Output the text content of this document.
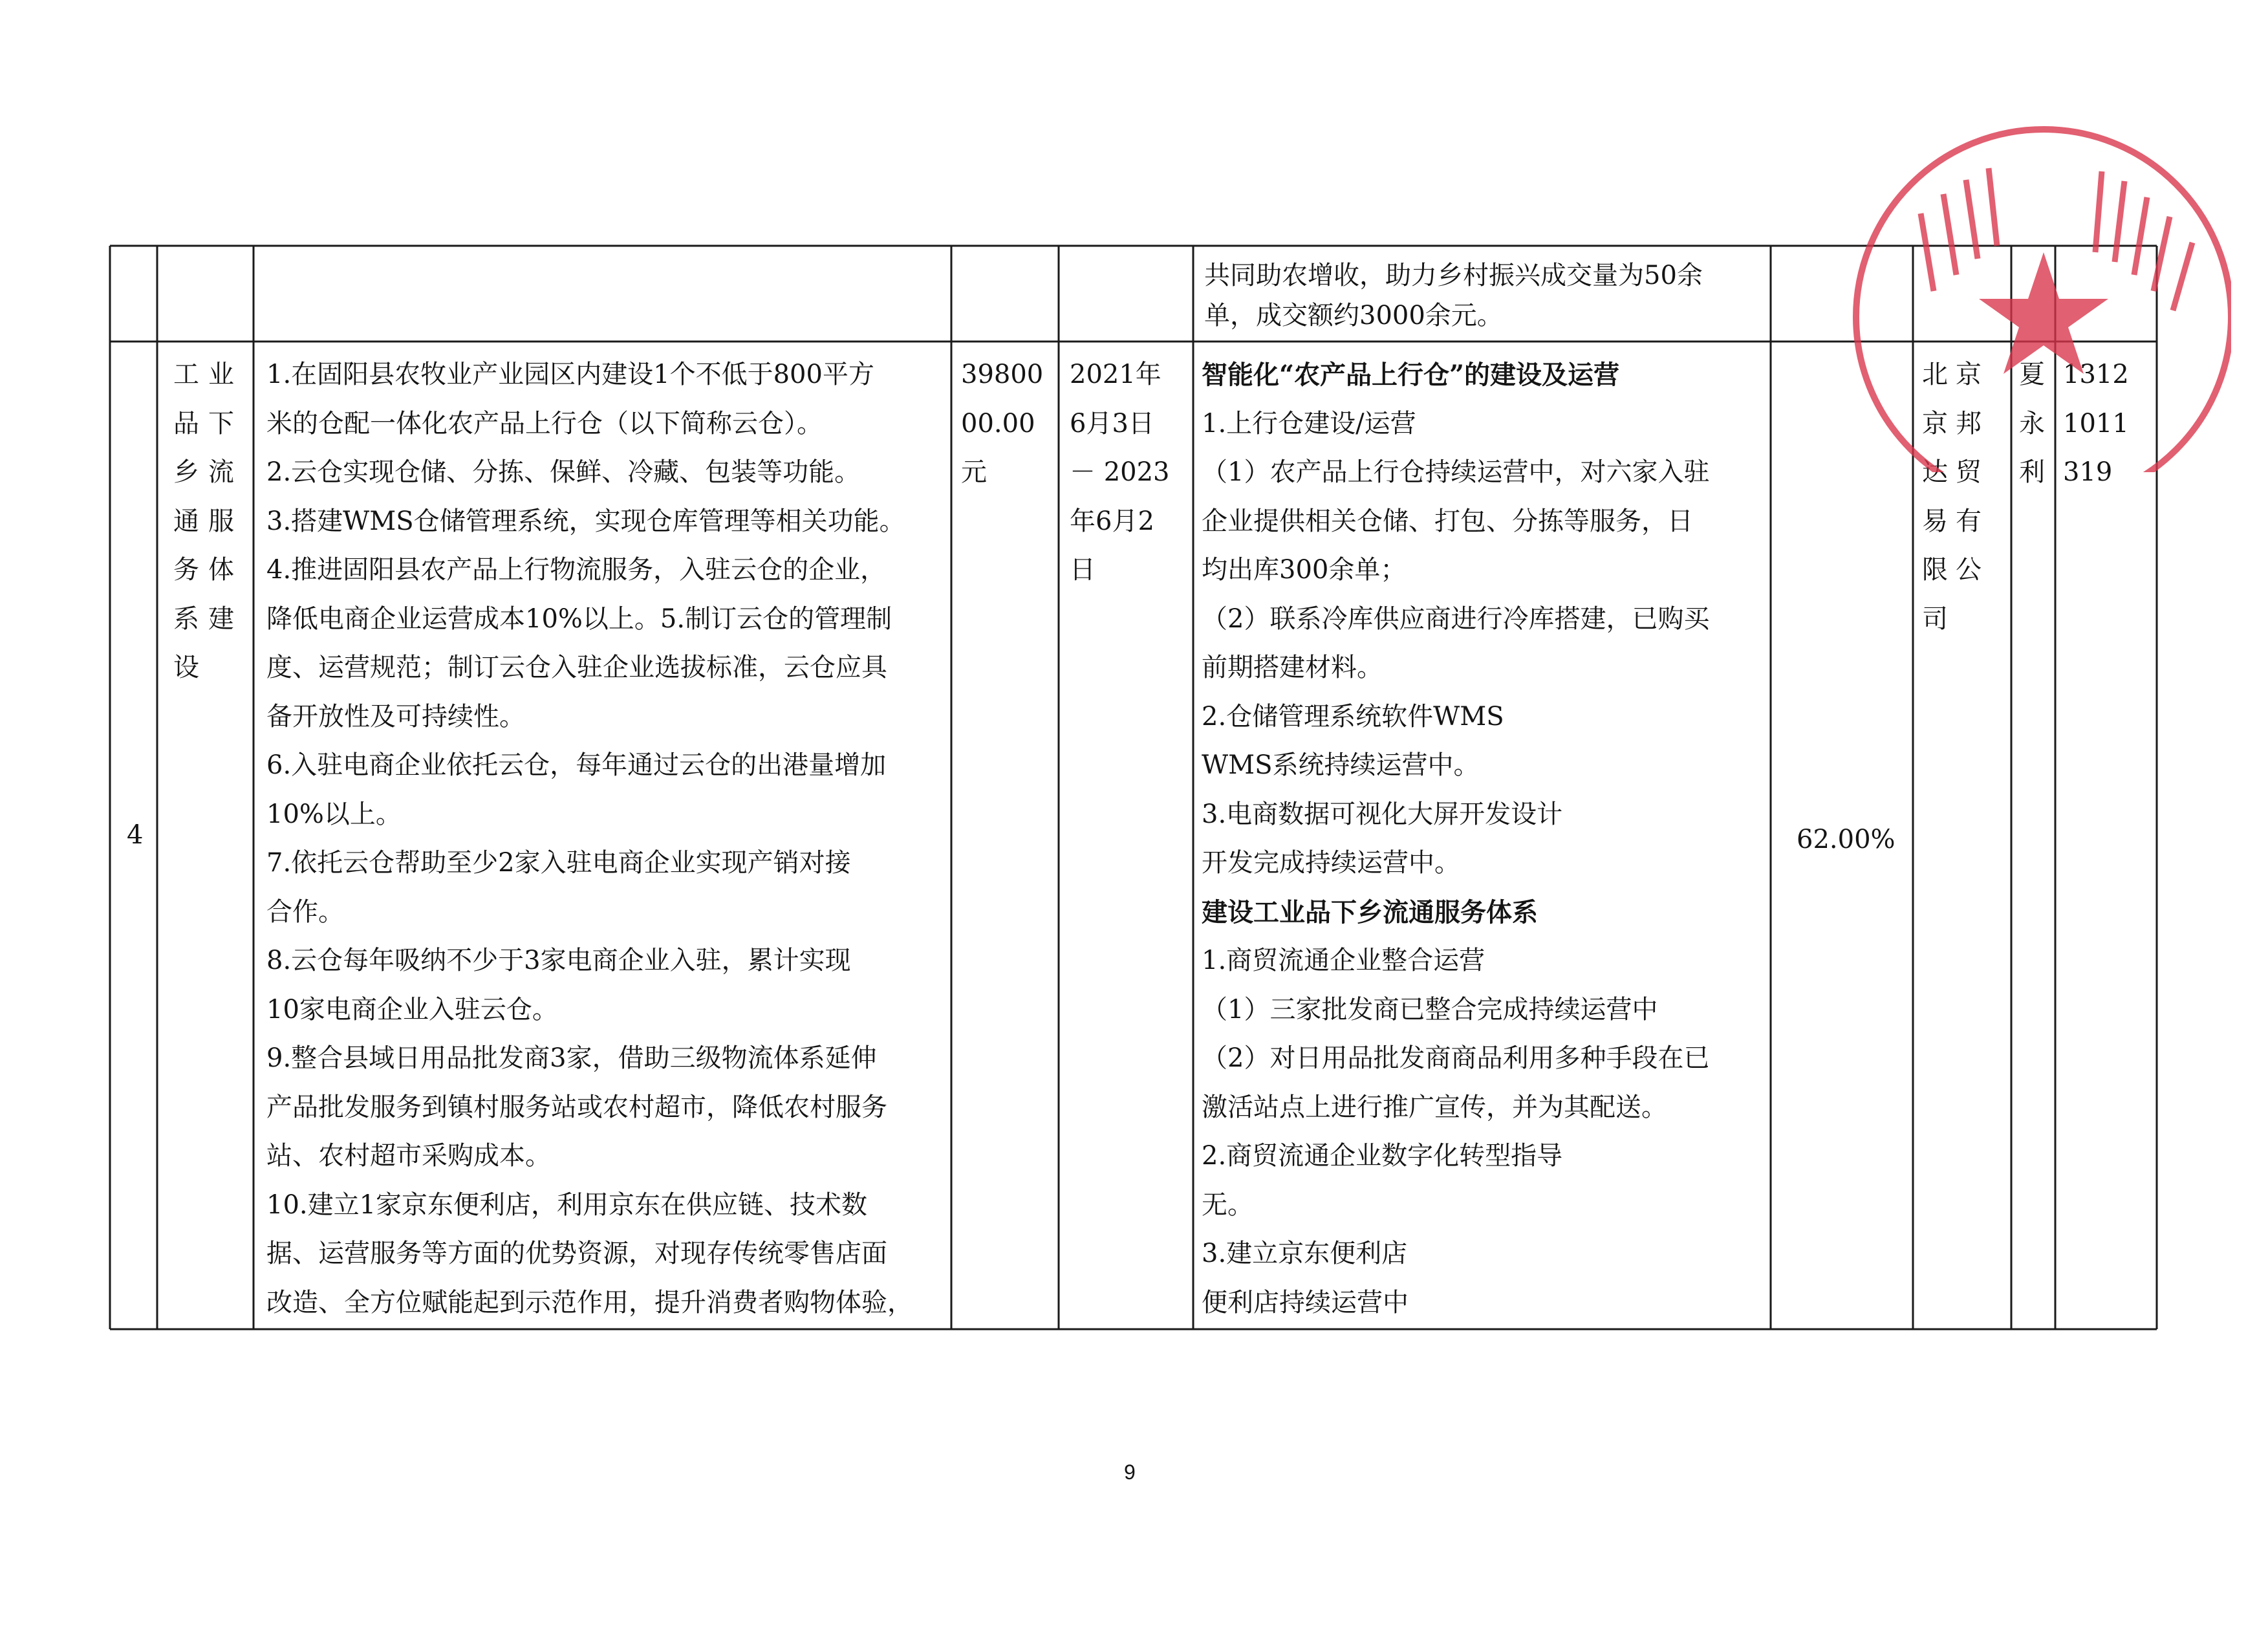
共同助农增收，助力乡村振兴成交量为50余
单，成交额约3000余元。
4
工业
品下
乡流
通服
务体
系建
设
1.在固阳县农牧业产业园区内建设1个不低于800平方
米的仓配一体化农产品上行仓（以下简称云仓）。
2.云仓实现仓储、分拣、保鲜、冷藏、包装等功能。
3.搭建WMS仓储管理系统，实现仓库管理等相关功能。
4.推进固阳县农产品上行物流服务，入驻云仓的企业，
降低电商企业运营成本10%以上。5.制订云仓的管理制
度、运营规范；制订云仓入驻企业选拔标准，云仓应具
备开放性及可持续性。
6.入驻电商企业依托云仓，每年通过云仓的出港量增加
10%以上。
7.依托云仓帮助至少2家入驻电商企业实现产销对接
合作。
8.云仓每年吸纳不少于3家电商企业入驻，累计实现
10家电商企业入驻云仓。
9.整合县域日用品批发商3家，借助三级物流体系延伸
产品批发服务到镇村服务站或农村超市，降低农村服务
站、农村超市采购成本。
10.建立1家京东便利店，利用京东在供应链、技术数
据、运营服务等方面的优势资源，对现存传统零售店面
改造、全方位赋能起到示范作用，提升消费者购物体验，
39800
00.00
元
2021年
6月3日
－ 2023
年6月2
日
智能化“农产品上行仓”的建设及运营
1.上行仓建设/运营
（1）农产品上行仓持续运营中，对六家入驻
企业提供相关仓储、打包、分拣等服务，日
均出库300余单；
（2）联系冷库供应商进行冷库搭建，已购买
前期搭建材料。
2.仓储管理系统软件WMS
WMS系统持续运营中。
3.电商数据可视化大屏开发设计
开发完成持续运营中。
建设工业品下乡流通服务体系
1.商贸流通企业整合运营
（1）三家批发商已整合完成持续运营中
（2）对日用品批发商商品利用多种手段在已
激活站点上进行推广宣传，并为其配送。
2.商贸流通企业数字化转型指导
无。
3.建立京东便利店
便利店持续运营中
62.00%
北京
京邦
达贸
易有
限公
司
夏
永
利
1312
1011
319
9
